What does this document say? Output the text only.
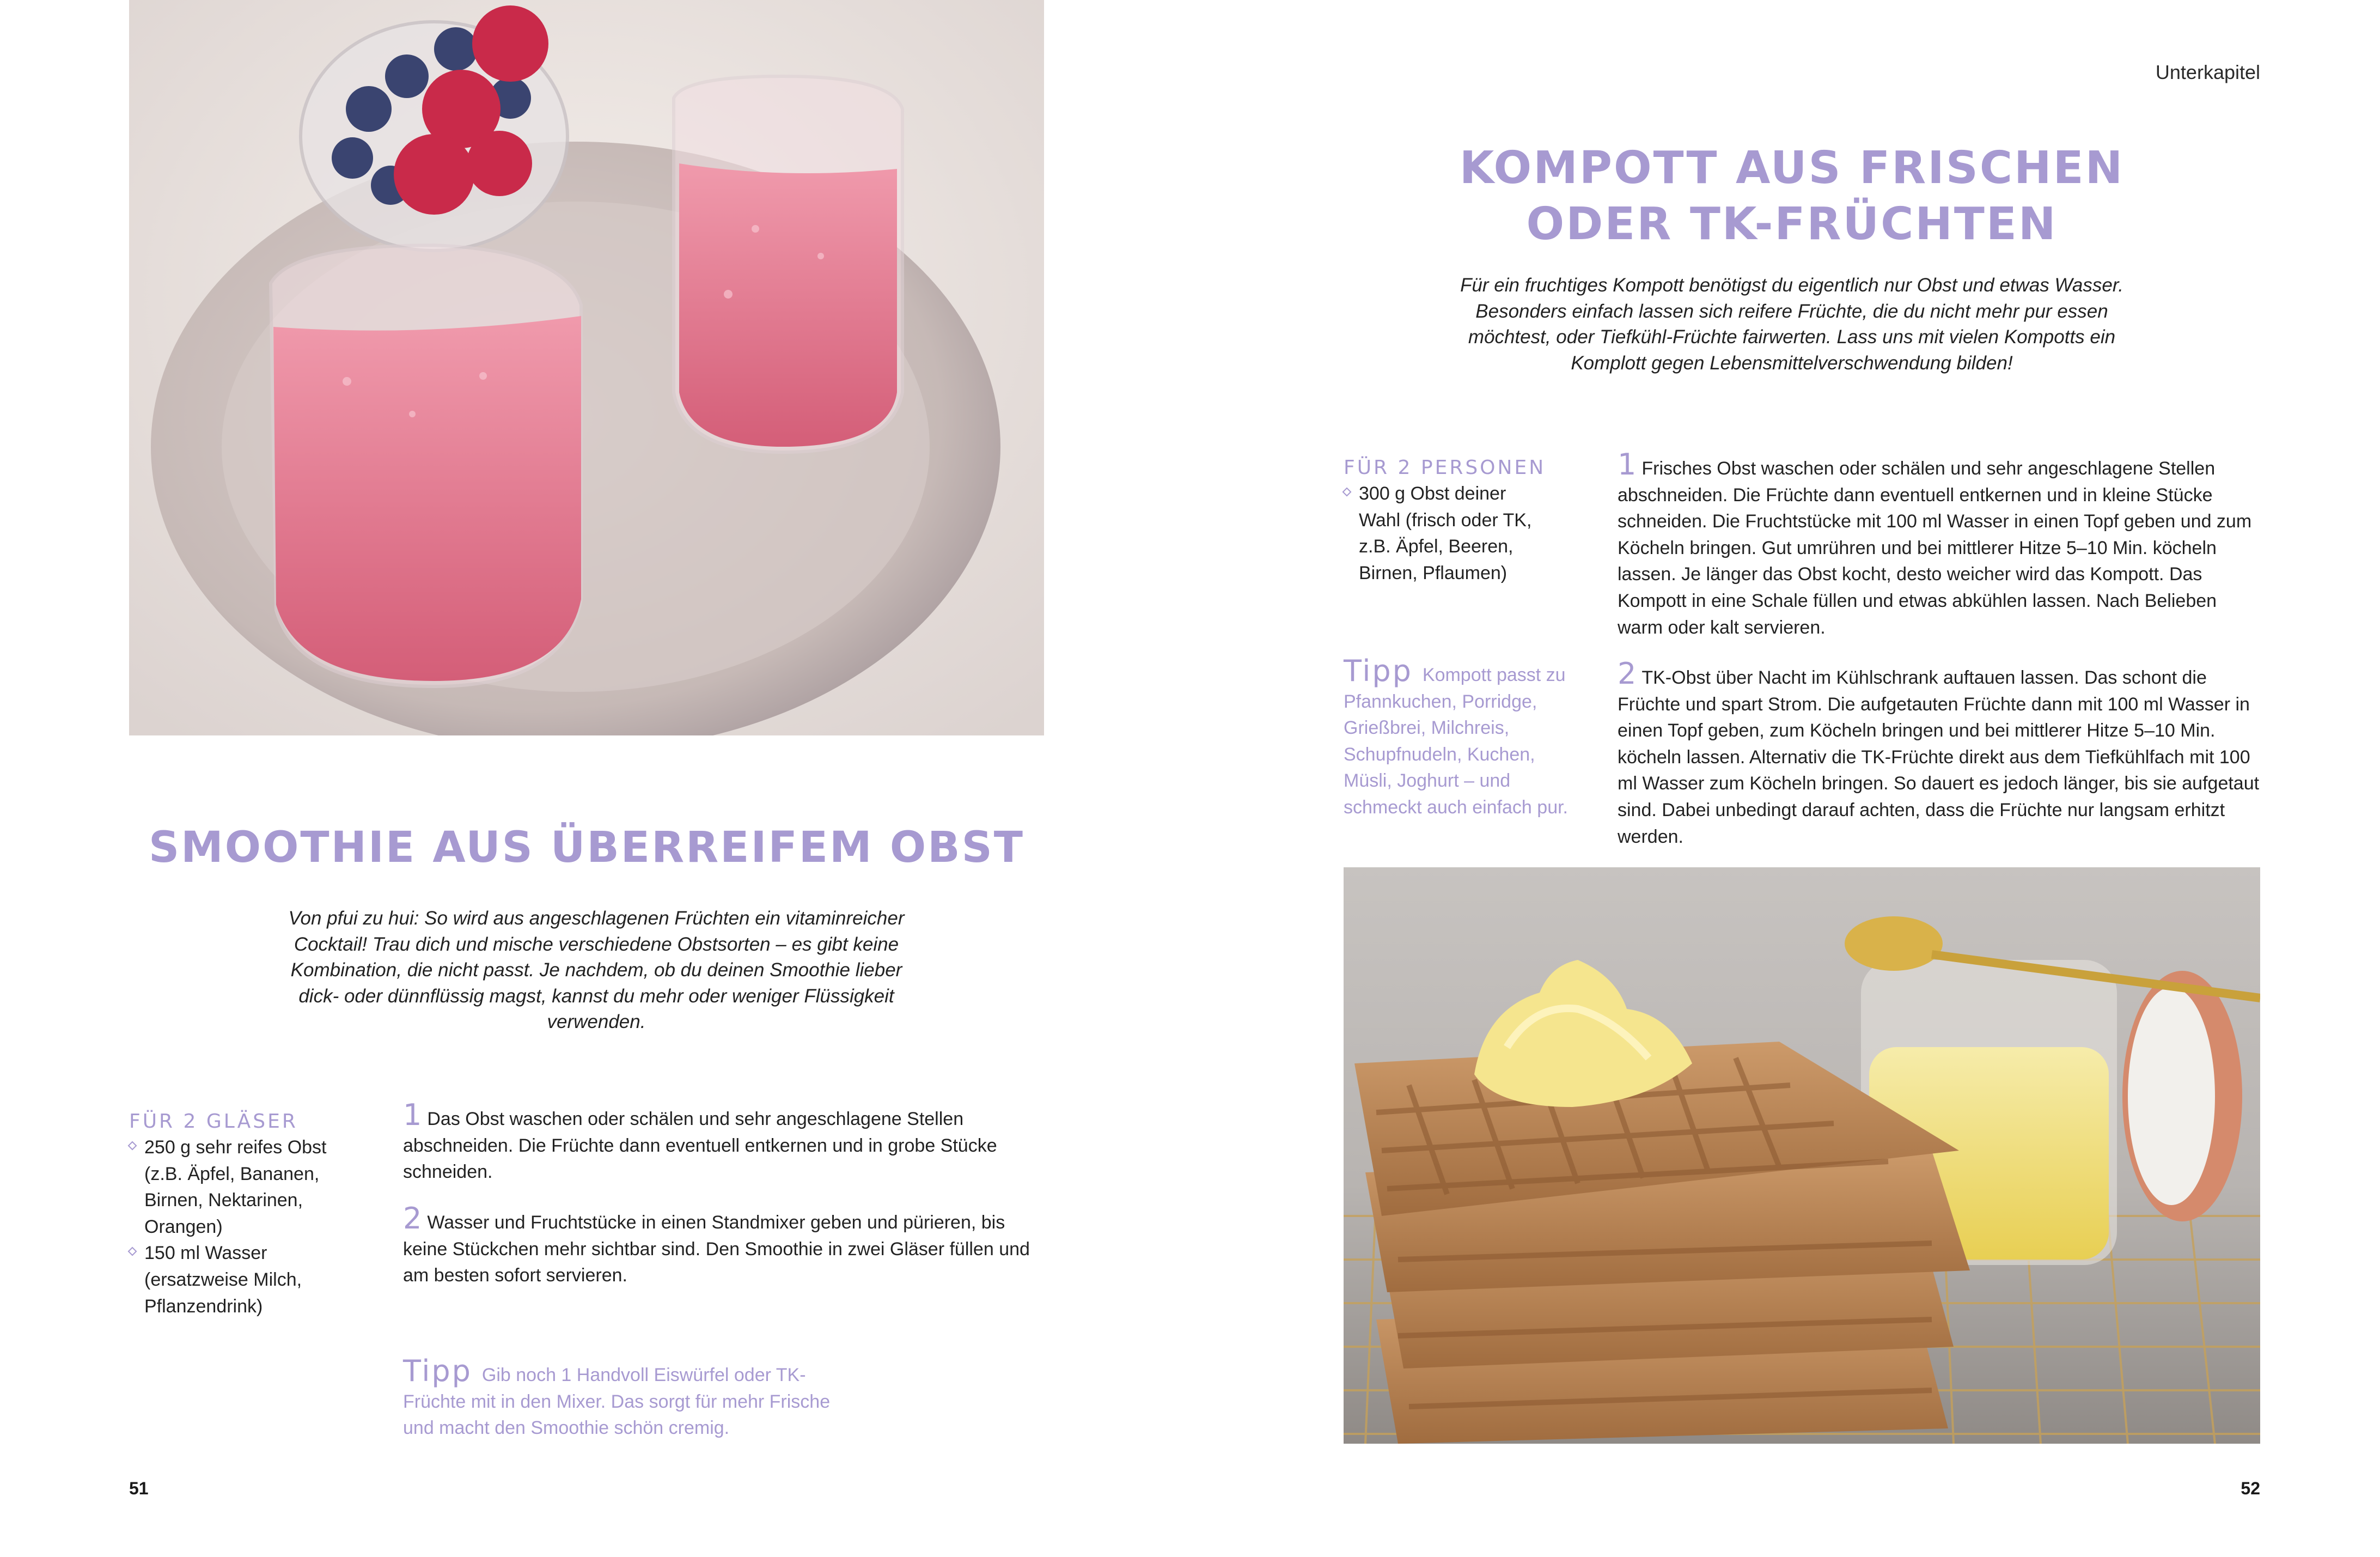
SMOOTHIE AUS ÜBERREIFEM OBST

Von pfui zu hui: So wird aus angeschlagenen Früchten ein vitaminreicher Cocktail! Trau dich und mische verschiedene Obstsorten – es gibt keine Kombination, die nicht passt. Je nachdem, ob du deinen Smoothie lieber dick- oder dünnflüssig magst, kannst du mehr oder weniger Flüssigkeit verwenden.

FÜR 2 GLÄSER
250 g sehr reifes Obst (z.B. Äpfel, Bananen, Birnen, Nektarinen, Orangen)
150 ml Wasser (ersatzweise Milch, Pflanzendrink)

1 Das Obst waschen oder schälen und sehr angeschlagene Stellen abschneiden. Die Früchte dann eventuell entkernen und in grobe Stücke schneiden.

2 Wasser und Fruchtstücke in einen Standmixer geben und pürieren, bis keine Stückchen mehr sichtbar sind. Den Smoothie in zwei Gläser füllen und am besten sofort servieren.

Tipp Gib noch 1 Handvoll Eiswürfel oder TK-Früchte mit in den Mixer. Das sorgt für mehr Frische und macht den Smoothie schön cremig.

51
Unterkapitel
KOMPOTT AUS FRISCHEN
ODER TK-FRÜCHTEN

Für ein fruchtiges Kompott benötigst du eigentlich nur Obst und etwas Wasser. Besonders einfach lassen sich reifere Früchte, die du nicht mehr pur essen möchtest, oder Tiefkühl-Früchte fairwerten. Lass uns mit vielen Kompotts ein Komplott gegen Lebensmittelverschwendung bilden!

FÜR 2 PERSONEN
300 g Obst deiner Wahl (frisch oder TK, z.B. Äpfel, Beeren, Birnen, Pflaumen)

Tipp Kompott passt zu Pfannkuchen, Porridge, Grießbrei, Milchreis, Schupfnudeln, Kuchen, Müsli, Joghurt – und schmeckt auch einfach pur.

1 Frisches Obst waschen oder schälen und sehr angeschlagene Stellen abschneiden. Die Früchte dann eventuell entkernen und in kleine Stücke schneiden. Die Fruchtstücke mit 100 ml Wasser in einen Topf geben und zum Köcheln bringen. Gut umrühren und bei mittlerer Hitze 5–10 Min. köcheln lassen. Je länger das Obst kocht, desto weicher wird das Kompott. Das Kompott in eine Schale füllen und etwas abkühlen lassen. Nach Belieben warm oder kalt servieren.

2 TK-Obst über Nacht im Kühlschrank auftauen lassen. Das schont die Früchte und spart Strom. Die aufgetauten Früchte dann mit 100 ml Wasser in einen Topf geben, zum Köcheln bringen und bei mittlerer Hitze 5–10 Min. köcheln lassen. Alternativ die TK-Früchte direkt aus dem Tiefkühlfach mit 100 ml Wasser zum Köcheln bringen. So dauert es jedoch länger, bis sie aufgetaut sind. Dabei unbedingt darauf achten, dass die Früchte nur langsam erhitzt werden.

52
